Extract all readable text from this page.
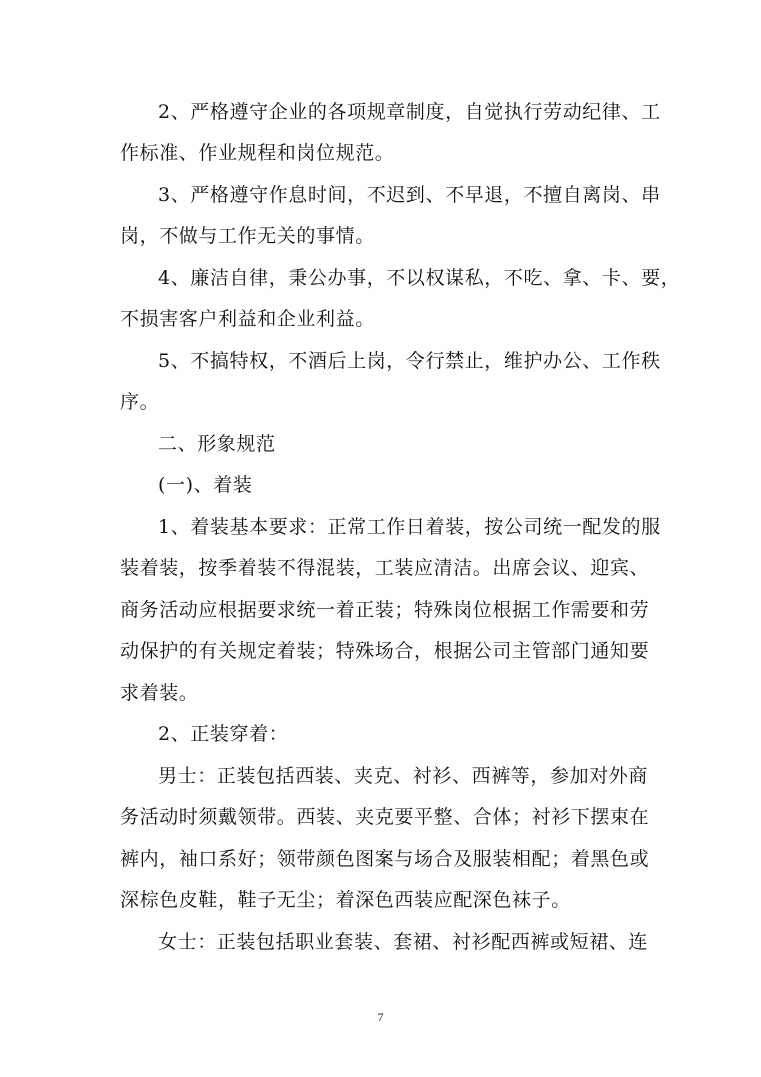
2、严格遵守企业的各项规章制度，自觉执行劳动纪律、工
作标准、作业规程和岗位规范。
3、严格遵守作息时间，不迟到、不早退，不擅自离岗、串
岗，不做与工作无关的事情。
4、廉洁自律，秉公办事，不以权谋私，不吃、拿、卡、要，
不损害客户利益和企业利益。
5、不搞特权，不酒后上岗，令行禁止，维护办公、工作秩
序。
二、形象规范
(一)、着装
1、着装基本要求：正常工作日着装，按公司统一配发的服
装着装，按季着装不得混装，工装应清洁。出席会议、迎宾、
商务活动应根据要求统一着正装；特殊岗位根据工作需要和劳
动保护的有关规定着装；特殊场合，根据公司主管部门通知要
求着装。
2、正装穿着：
男士：正装包括西装、夹克、衬衫、西裤等，参加对外商
务活动时须戴领带。西装、夹克要平整、合体；衬衫下摆束在
裤内，袖口系好；领带颜色图案与场合及服装相配；着黑色或
深棕色皮鞋，鞋子无尘；着深色西装应配深色袜子。
女士：正装包括职业套装、套裙、衬衫配西裤或短裙、连
7
